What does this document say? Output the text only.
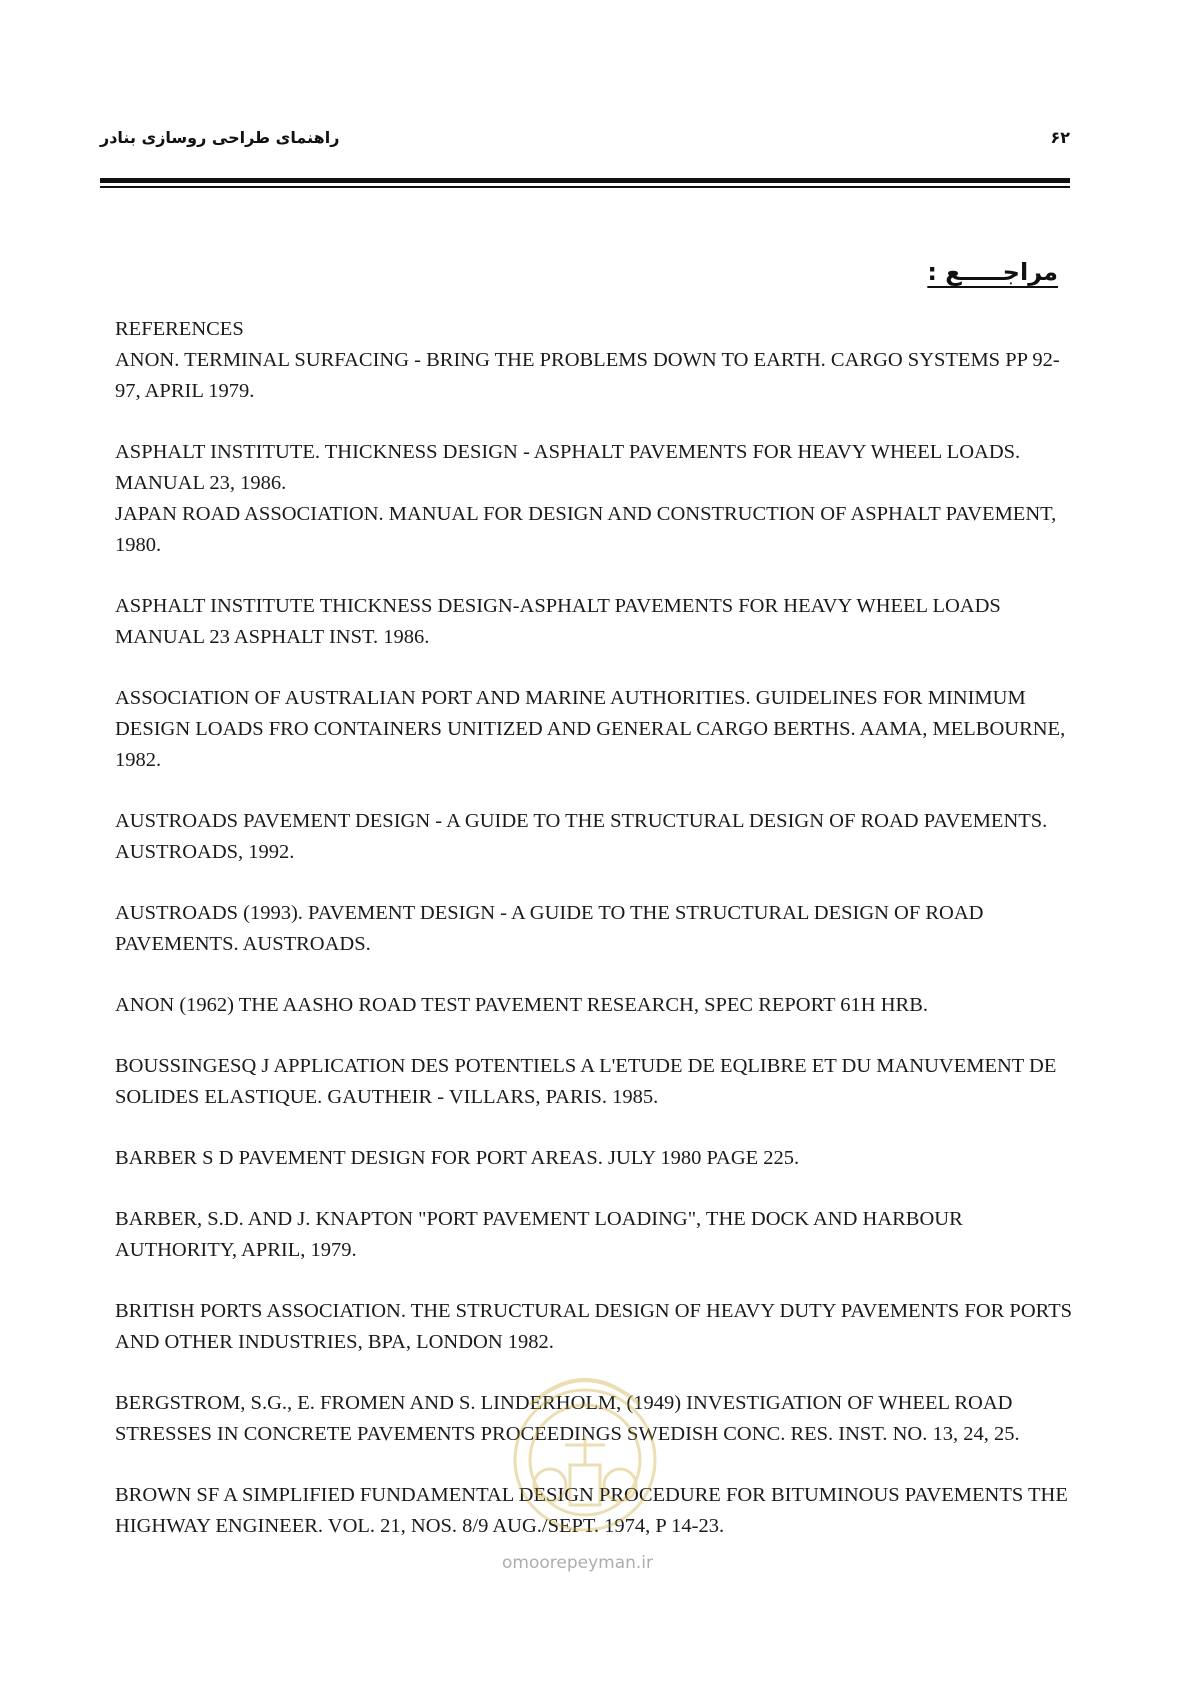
راهنمای طراحی روسازی بنادر	۶۲
مراجـــــع :

REFERENCES

ANON. TERMINAL SURFACING - BRING THE PROBLEMS DOWN TO EARTH. CARGO SYSTEMS PP 92-97, APRIL 1979.

ASPHALT INSTITUTE. THICKNESS DESIGN - ASPHALT PAVEMENTS FOR HEAVY WHEEL LOADS. MANUAL 23, 1986.

JAPAN ROAD ASSOCIATION. MANUAL FOR DESIGN AND CONSTRUCTION OF ASPHALT PAVEMENT, 1980.

ASPHALT INSTITUTE THICKNESS DESIGN-ASPHALT PAVEMENTS FOR HEAVY WHEEL LOADS MANUAL 23 ASPHALT INST. 1986.

ASSOCIATION OF AUSTRALIAN PORT AND MARINE AUTHORITIES. GUIDELINES FOR MINIMUM DESIGN LOADS FRO CONTAINERS UNITIZED AND GENERAL CARGO BERTHS. AAMA, MELBOURNE, 1982.

AUSTROADS PAVEMENT DESIGN - A GUIDE TO THE STRUCTURAL DESIGN OF ROAD PAVEMENTS. AUSTROADS, 1992.

AUSTROADS (1993). PAVEMENT DESIGN - A GUIDE TO THE STRUCTURAL DESIGN OF ROAD PAVEMENTS. AUSTROADS.

ANON (1962) THE AASHO ROAD TEST PAVEMENT RESEARCH, SPEC REPORT 61H HRB.

BOUSSINGESQ J APPLICATION DES POTENTIELS A L'ETUDE DE EQLIBRE ET DU MANUVEMENT DE SOLIDES ELASTIQUE. GAUTHEIR - VILLARS, PARIS. 1985.

BARBER S D PAVEMENT DESIGN FOR PORT AREAS. JULY 1980 PAGE 225.

BARBER, S.D. AND J. KNAPTON "PORT PAVEMENT LOADING", THE DOCK AND HARBOUR AUTHORITY, APRIL, 1979.

BRITISH PORTS ASSOCIATION. THE STRUCTURAL DESIGN OF HEAVY DUTY PAVEMENTS FOR PORTS AND OTHER INDUSTRIES, BPA, LONDON 1982.

BERGSTROM, S.G., E. FROMEN AND S. LINDERHOLM, (1949) INVESTIGATION OF WHEEL ROAD STRESSES IN CONCRETE PAVEMENTS PROCEEDINGS SWEDISH CONC. RES. INST. NO. 13, 24, 25.

BROWN SF A SIMPLIFIED FUNDAMENTAL DESIGN PROCEDURE FOR BITUMINOUS PAVEMENTS THE HIGHWAY ENGINEER. VOL. 21, NOS. 8/9 AUG./SEPT. 1974, P 14-23.

omoorepeyman.ir
